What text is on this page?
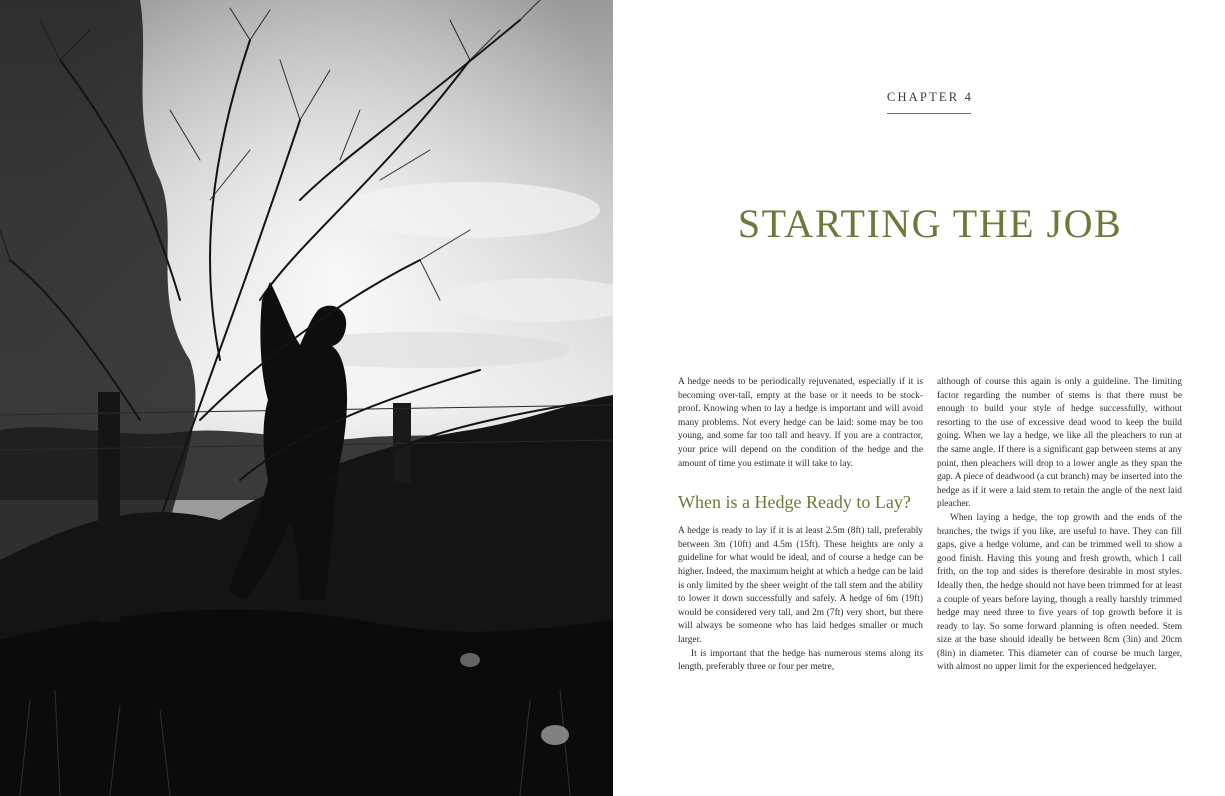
CHAPTER 4
STARTING THE JOB

A hedge needs to be periodically rejuvenated, especially if it is becoming over-tall, empty at the base or it needs to be stock-proof. Knowing when to lay a hedge is important and will avoid many problems. Not every hedge can be laid: some may be too young, and some far too tall and heavy. If you are a contractor, your price will depend on the condition of the hedge and the amount of time you estimate it will take to lay.

When is a Hedge Ready to Lay?

A hedge is ready to lay if it is at least 2.5m (8ft) tall, preferably between 3m (10ft) and 4.5m (15ft). These heights are only a guideline for what would be ideal, and of course a hedge can be higher. Indeed, the maximum height at which a hedge can be laid is only limited by the sheer weight of the tall stem and the ability to lower it down successfully and safely. A hedge of 6m (19ft) would be considered very tall, and 2m (7ft) very short, but there will always be someone who has laid hedges smaller or much larger.

It is important that the hedge has numerous stems along its length, preferably three or four per metre,

although of course this again is only a guideline. The limiting factor regarding the number of stems is that there must be enough to build your style of hedge successfully, without resorting to the use of excessive dead wood to keep the build going. When we lay a hedge, we like all the pleachers to run at the same angle. If there is a significant gap between stems at any point, then pleachers will drop to a lower angle as they span the gap. A piece of deadwood (a cut branch) may be inserted into the hedge as if it were a laid stem to retain the angle of the next laid pleacher.

When laying a hedge, the top growth and the ends of the branches, the twigs if you like, are useful to have. They can fill gaps, give a hedge volume, and can be trimmed well to show a good finish. Having this young and fresh growth, which I call frith, on the top and sides is therefore desirable in most styles. Ideally then, the hedge should not have been trimmed for at least a couple of years before laying, though a really harshly trimmed hedge may need three to five years of top growth before it is ready to lay. So some forward planning is often needed. Stem size at the base should ideally be between 8cm (3in) and 20cm (8in) in diameter. This diameter can of course be much larger, with almost no upper limit for the experienced hedgelayer.
